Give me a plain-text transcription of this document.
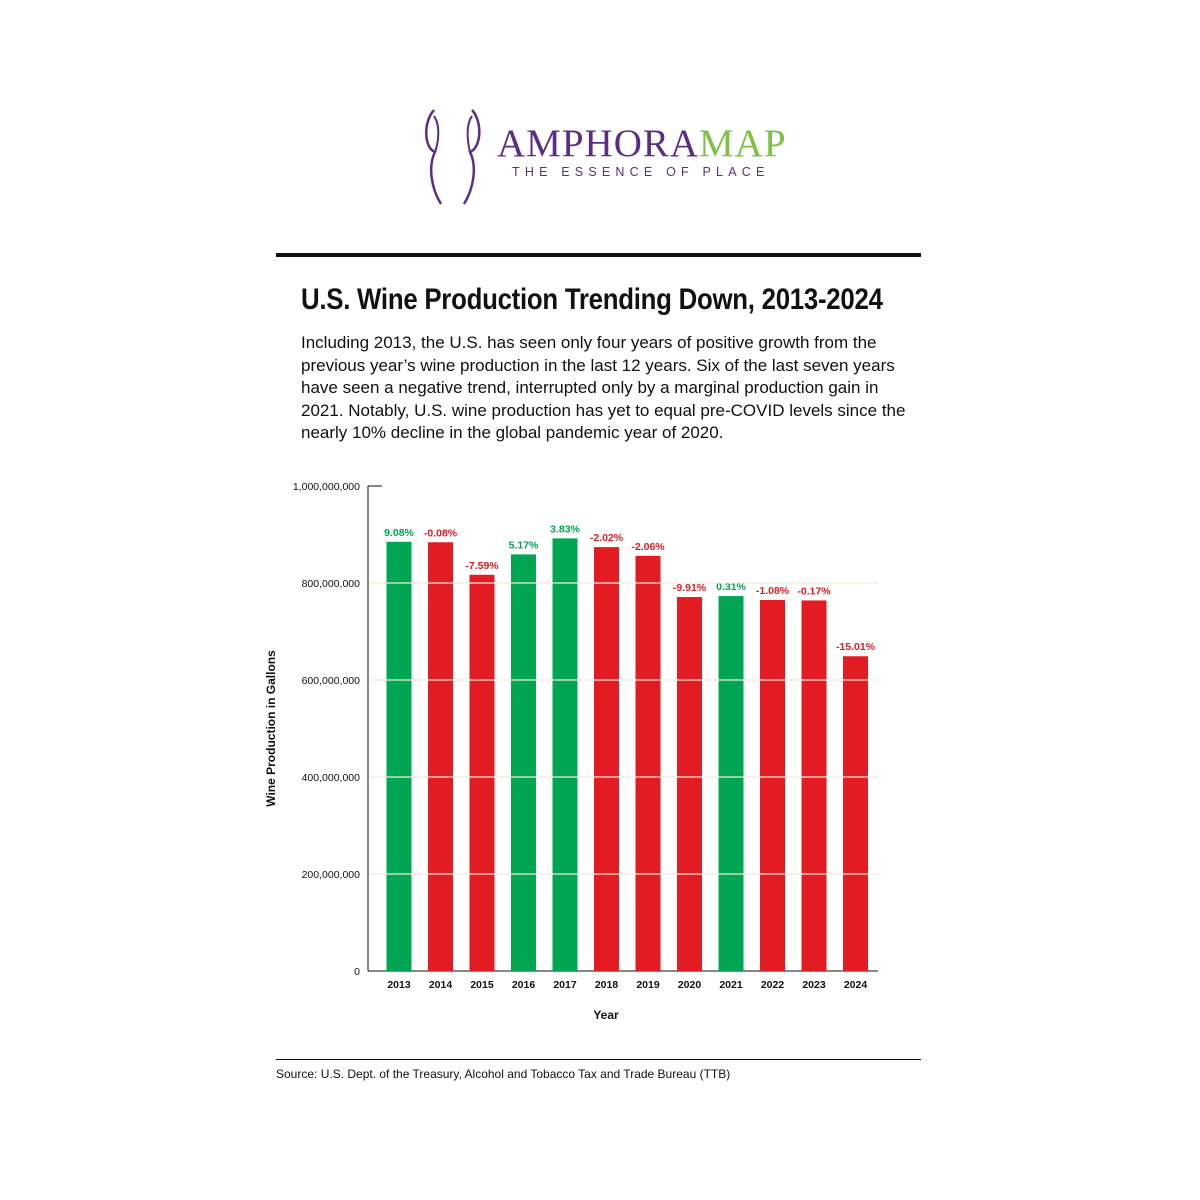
AMPHORAMAP
THE ESSENCE OF PLACE
U.S. Wine Production Trending Down, 2013-2024
Including 2013, the U.S. has seen only four years of positive growth from the previous year’s wine production in the last 12 years. Six of the last seven years have seen a negative trend, interrupted only by a marginal production gain in 2021. Notably, U.S. wine production has yet to equal pre-COVID levels since the nearly 10% decline in the global pandemic year of 2020.
0
200,000,000
400,000,000
600,000,000
800,000,000
1,000,000,000
Wine Production in Gallons
9.08%
2013
-0.08%
2014
-7.59%
2015
5.17%
2016
3.83%
2017
-2.02%
2018
-2.06%
2019
-9.91%
2020
0.31%
2021
-1.08%
2022
-0.17%
2023
-15.01%
2024
Year
Source: U.S. Dept. of the Treasury, Alcohol and Tobacco Tax and Trade Bureau (TTB)
